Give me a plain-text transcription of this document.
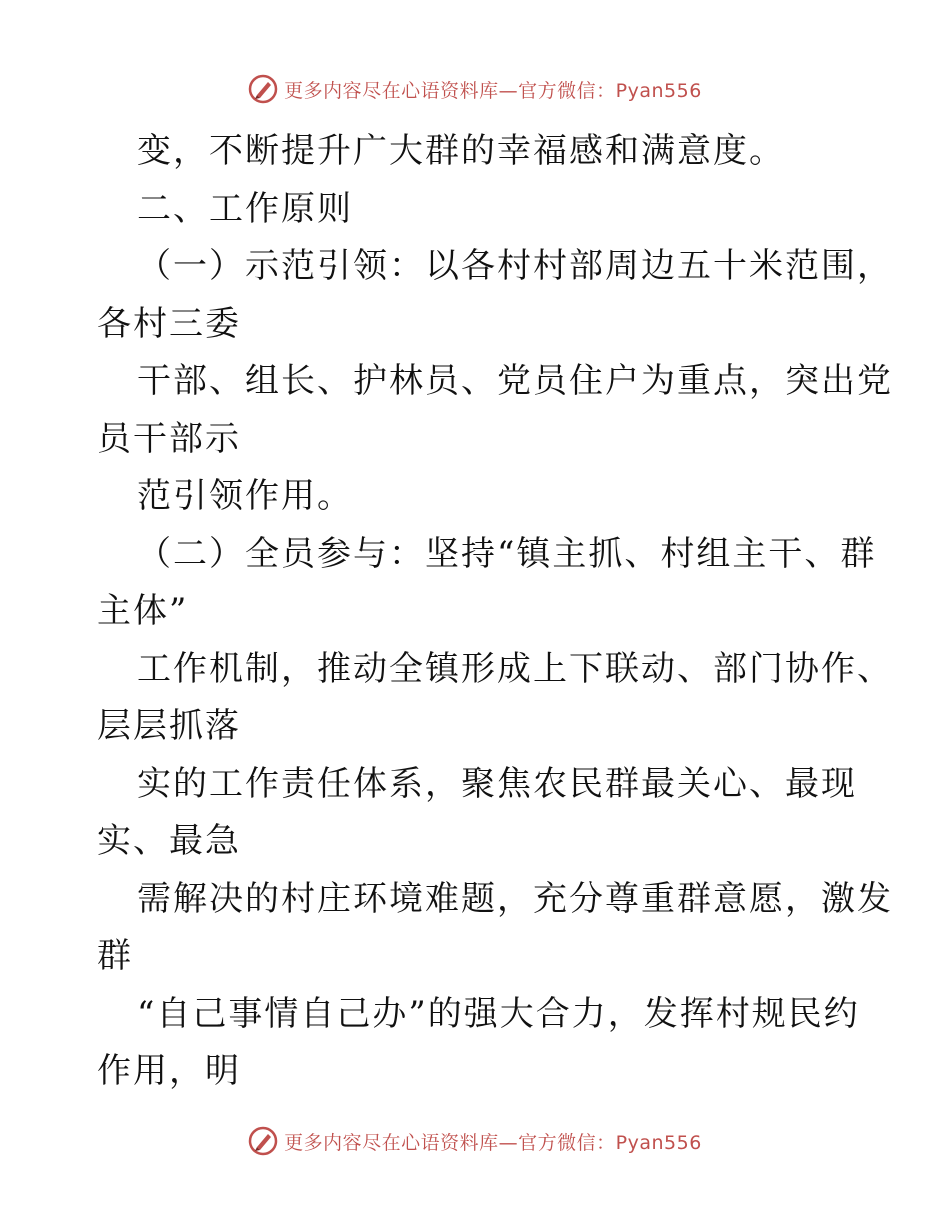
更多内容尽在心语资料库—官方微信：Pyan556
变，不断提升广大群的幸福感和满意度。
二、工作原则
（一）示范引领：以各村村部周边五十米范围，
各村三委
干部、组长、护林员、党员住户为重点，突出党
员干部示
范引领作用。
（二）全员参与：坚持“镇主抓、村组主干、群
主体”
工作机制，推动全镇形成上下联动、部门协作、
层层抓落
实的工作责任体系，聚焦农民群最关心、最现
实、最急
需解决的村庄环境难题，充分尊重群意愿，激发
群
“自己事情自己办”的强大合力，发挥村规民约
作用，明
更多内容尽在心语资料库—官方微信：Pyan556
